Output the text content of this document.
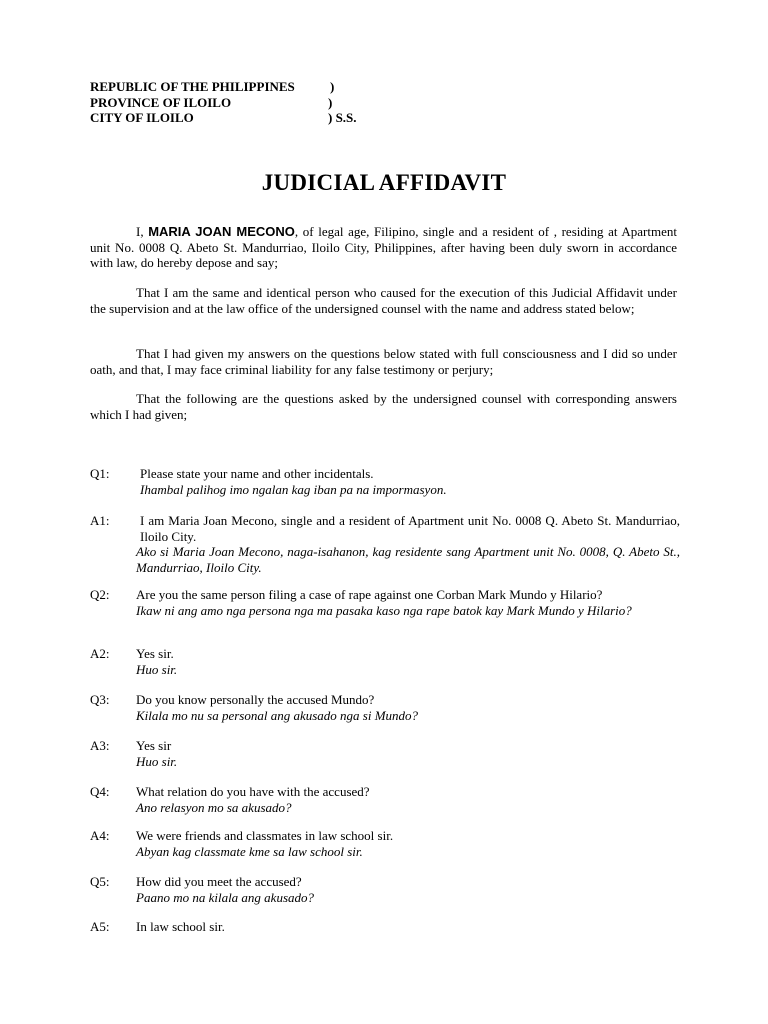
REPUBLIC OF THE PHILIPPINES	)
PROVINCE OF ILOILO	)
CITY OF ILOILO	) S.S.
JUDICIAL AFFIDAVIT
I, MARIA JOAN MECONO, of legal age, Filipino, single and a resident of , residing at Apartment unit No. 0008 Q. Abeto St. Mandurriao, Iloilo City, Philippines, after having been duly sworn in accordance with law, do hereby depose and say;
That I am the same and identical person who caused for the execution of this Judicial Affidavit under the supervision and at the law office of the undersigned counsel with the name and address stated below;
That I had given my answers on the questions below stated with full consciousness and I did so under oath, and that, I may face criminal liability for any false testimony or perjury;
That the following are the questions asked by the undersigned counsel with corresponding answers which I had given;
Q1:	Please state your name and other incidentals.
Ihambal palihog imo ngalan kag iban pa na impormasyon.
A1:	I am Maria Joan Mecono, single and a resident of Apartment unit No. 0008 Q. Abeto St. Mandurriao, Iloilo City.
Ako si Maria Joan Mecono, naga-isahanon, kag residente sang Apartment unit No. 0008, Q. Abeto St., Mandurriao, Iloilo City.
Q2: Are you the same person filing a case of rape against one Corban Mark Mundo y Hilario?
Ikaw ni ang amo nga persona nga ma pasaka kaso nga rape batok kay Mark Mundo y Hilario?
A2: Yes sir.
Huo sir.
Q3: Do you know personally the accused Mundo?
Kilala mo nu sa personal ang akusado nga si Mundo?
A3: Yes sir
Huo sir.
Q4: What relation do you have with the accused?
Ano relasyon mo sa akusado?
A4: We were friends and classmates in law school sir.
Abyan kag classmate kme sa law school sir.
Q5: How did you meet the accused?
Paano mo na kilala ang akusado?
A5: In law school sir.
